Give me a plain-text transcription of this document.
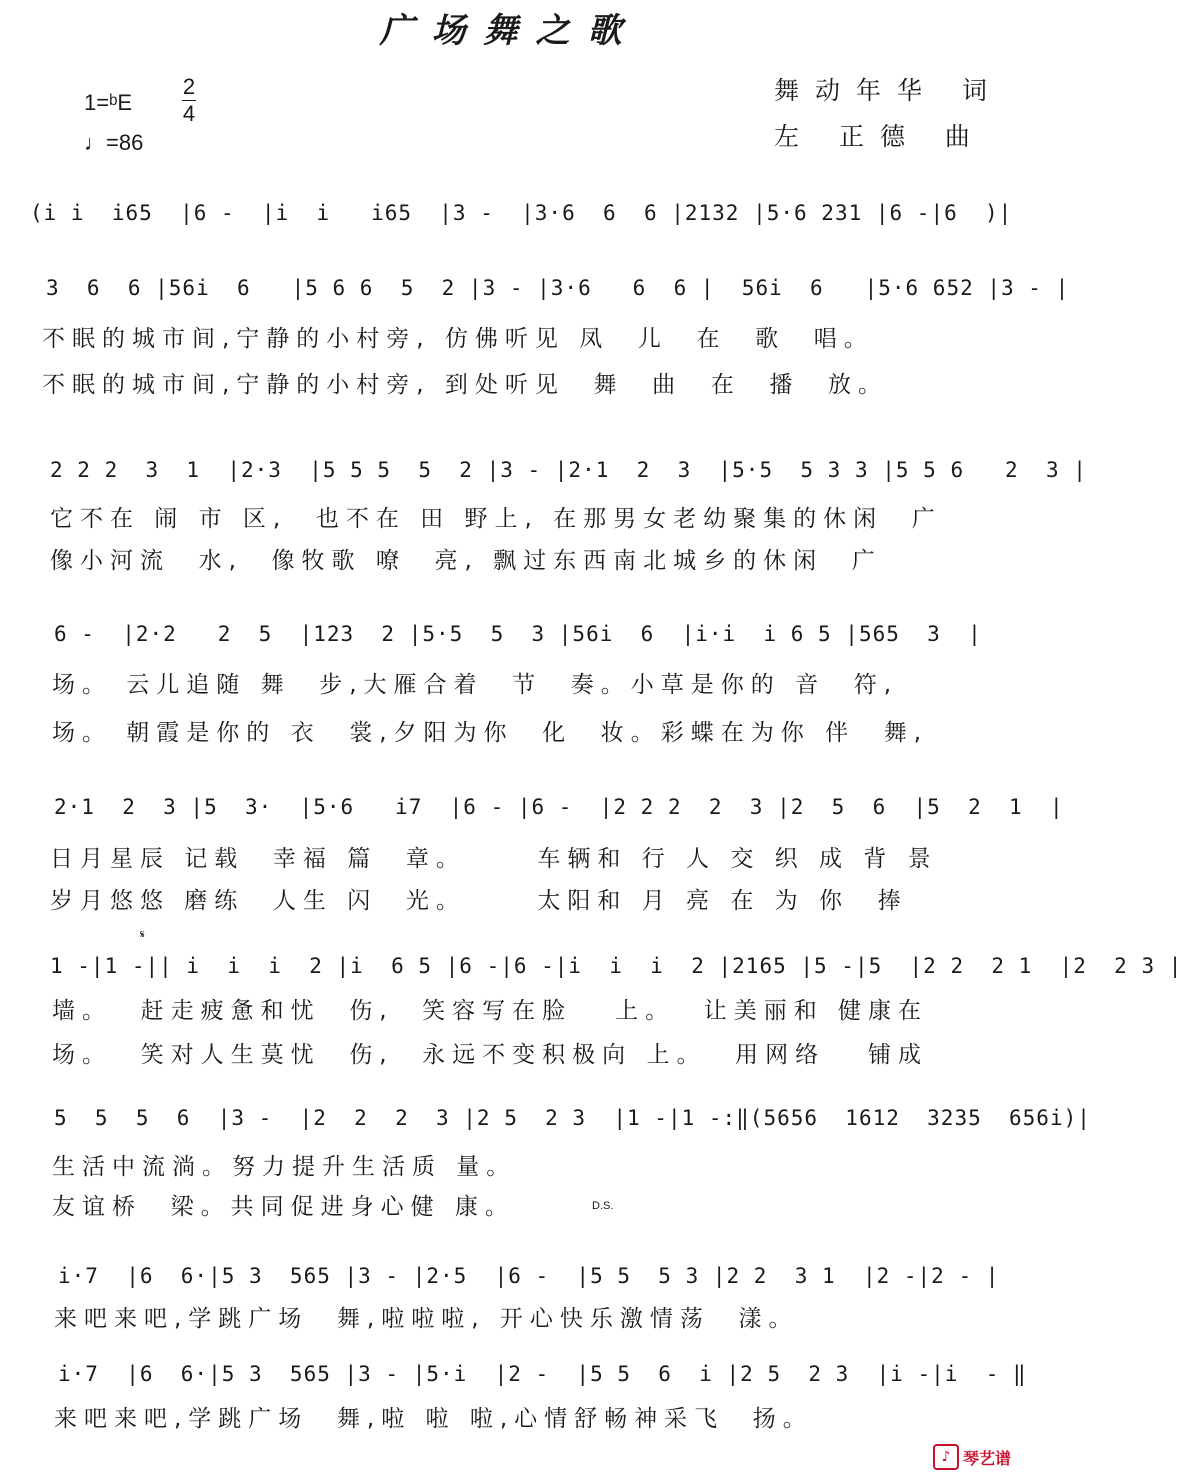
广场舞之歌
1=ᵇE
2
4
♩=86
舞动年华 词
左 正德 曲
(i i  i65  |6 -  |i  i   i65  |3 -  |3·6  6  6 |2132 |5·6 231 |6 -|6  )|
3  6  6 |56i  6   |5 6 6  5  2 |3 - |3·6   6  6 |  56i  6   |5·6 652 |3 - |
不眠的城市间,宁静的小村旁, 仿佛听见 凤  儿  在  歌  唱。
不眠的城市间,宁静的小村旁, 到处听见  舞  曲  在  播  放。
2 2 2  3  1  |2·3  |5 5 5  5  2 |3 - |2·1  2  3  |5·5  5 3 3 |5 5 6   2  3 |
它不在 闹 市 区,  也不在 田 野上, 在那男女老幼聚集的休闲  广
像小河流  水,  像牧歌 嘹  亮, 飘过东西南北城乡的休闲  广
6 -  |2·2   2  5  |123  2 |5·5  5  3 |56i  6  |i·i  i 6 5 |565  3  |
场。 云儿追随 舞  步,大雁合着  节  奏。小草是你的 音  符,
场。 朝霞是你的 衣  裳,夕阳为你  化  妆。彩蝶在为你 伴  舞,
2·1  2  3 |5  3·  |5·6   i7  |6 - |6 -  |2 2 2  2  3 |2  5  6  |5  2  1  |
日月星辰 记载  幸福 篇  章。     车辆和 行 人 交 织 成 背 景
岁月悠悠 磨练  人生 闪  光。     太阳和 月 亮 在 为 你  捧
𝄋
1 -|1 -|| i  i  i  2 |i  6 5 |6 -|6 -|i  i  i  2 |2165 |5 -|5  |2 2  2 1  |2  2 3 |
墙。  赶走疲惫和忧  伤,  笑容写在脸   上。  让美丽和 健康在
场。  笑对人生莫忧  伤,  永远不变积极向 上。  用网络   铺成
5  5  5  6  |3 -  |2  2  2  3 |2 5  2 3  |1 -|1 -:‖(5656  1612  3235  656i)|
生活中流淌。努力提升生活质 量。
友谊桥  梁。共同促进身心健 康。	D.S.
i·7  |6  6·|5 3  565 |3 - |2·5  |6 -  |5 5  5 3 |2 2  3 1  |2 -|2 - |
来吧来吧,学跳广场  舞,啦啦啦, 开心快乐激情荡  漾。
i·7  |6  6·|5 3  565 |3 - |5·i  |2 -  |5 5  6  i |2 5  2 3  |i -|i  - ‖
来吧来吧,学跳广场  舞,啦 啦 啦,心情舒畅神采飞  扬。
♪ 琴艺谱
